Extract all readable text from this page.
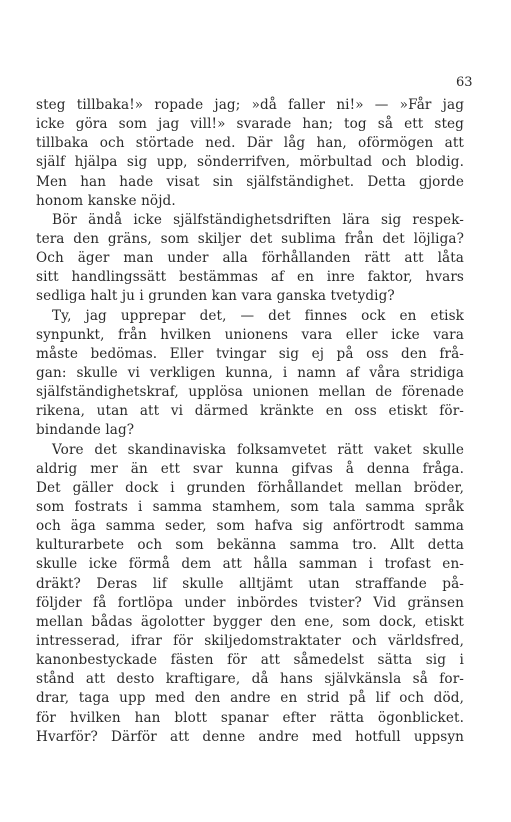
63
steg tillbaka!» ropade jag; »då faller ni!» — »Får jag
icke göra som jag vill!» svarade han; tog så ett steg
tillbaka och störtade ned. Där låg han, oförmögen att
själf hjälpa sig upp, sönderrifven, mörbultad och blodig.
Men han hade visat sin själfständighet. Detta gjorde
honom kanske nöjd.
Bör ändå icke själfständighetsdriften lära sig respek-
tera den gräns, som skiljer det sublima från det löjliga?
Och äger man under alla förhållanden rätt att låta
sitt handlingssätt bestämmas af en inre faktor, hvars
sedliga halt ju i grunden kan vara ganska tvetydig?
Ty, jag upprepar det, — det finnes ock en etisk
synpunkt, från hvilken unionens vara eller icke vara
måste bedömas. Eller tvingar sig ej på oss den frå-
gan: skulle vi verkligen kunna, i namn af våra stridiga
själfständighetskraf, upplösa unionen mellan de förenade
rikena, utan att vi därmed kränkte en oss etiskt för-
bindande lag?
Vore det skandinaviska folksamvetet rätt vaket skulle
aldrig mer än ett svar kunna gifvas å denna fråga.
Det gäller dock i grunden förhållandet mellan bröder,
som fostrats i samma stamhem, som tala samma språk
och äga samma seder, som hafva sig anförtrodt samma
kulturarbete och som bekänna samma tro. Allt detta
skulle icke förmå dem att hålla samman i trofast en-
dräkt? Deras lif skulle alltjämt utan straffande på-
följder få fortlöpa under inbördes tvister? Vid gränsen
mellan bådas ägolotter bygger den ene, som dock, etiskt
intresserad, ifrar för skiljedomstraktater och världsfred,
kanonbestyckade fästen för att såmedelst sätta sig i
stånd att desto kraftigare, då hans självkänsla så for-
drar, taga upp med den andre en strid på lif och död,
för hvilken han blott spanar efter rätta ögonblicket.
Hvarför? Därför att denne andre med hotfull uppsyn
